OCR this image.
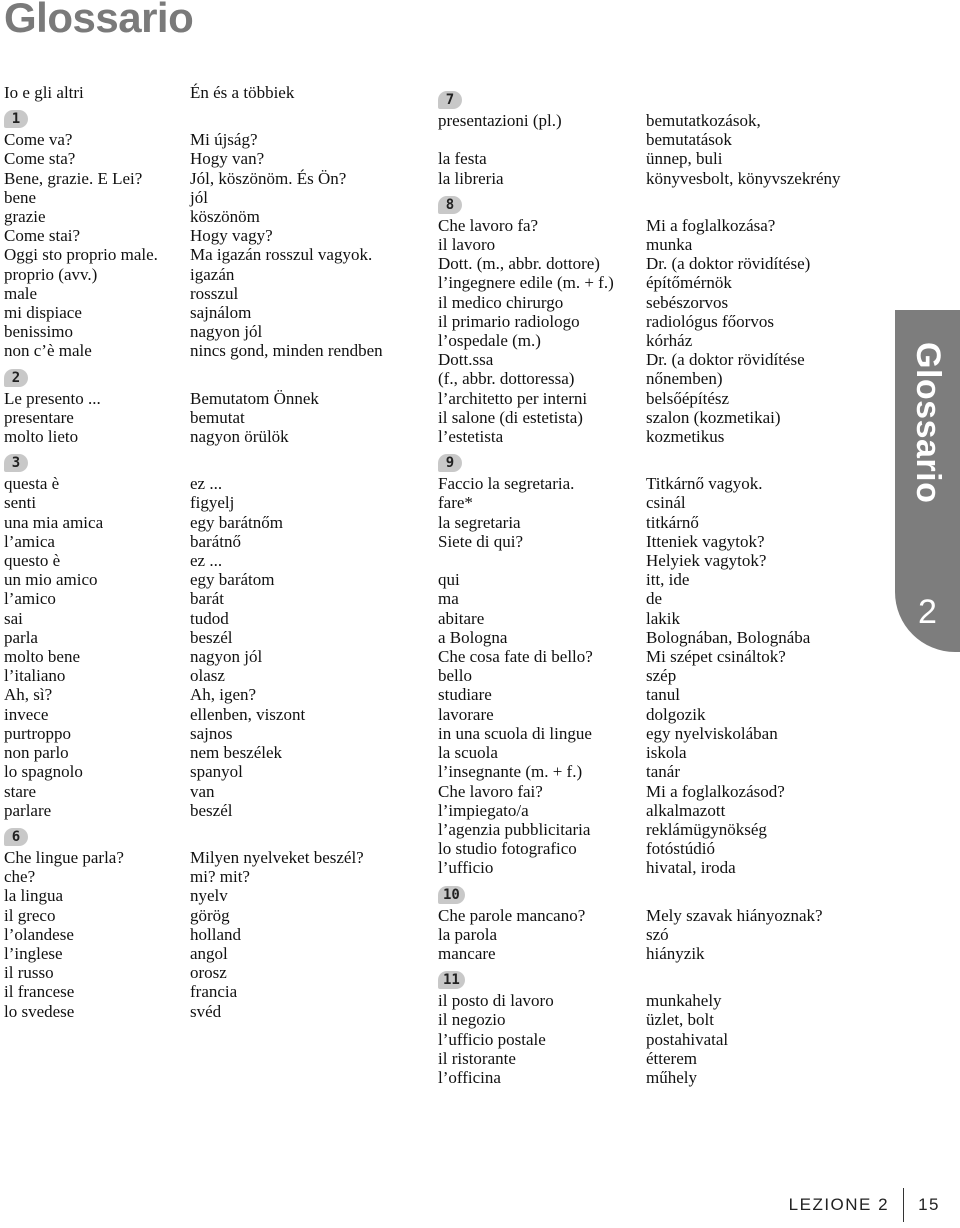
Glossario
Io e gli altri	Én és a többiek
1
Come va?	Mi újság?
Come sta?	Hogy van?
Bene, grazie. E Lei?	Jól, köszönöm. És Ön?
bene	jól
grazie	köszönöm
Come stai?	Hogy vagy?
Oggi sto proprio male.	Ma igazán rosszul vagyok.
proprio (avv.)	igazán
male	rosszul
mi dispiace	sajnálom
benissimo	nagyon jól
non c’è male	nincs gond, minden rendben
2
Le presento ...	Bemutatom Önnek
presentare	bemutat
molto lieto	nagyon örülök
3
questa è	ez ...
senti	figyelj
una mia amica	egy barátnőm
l’amica	barátnő
questo è	ez ...
un mio amico	egy barátom
l’amico	barát
sai	tudod
parla	beszél
molto bene	nagyon jól
l’italiano	olasz
Ah, sì?	Ah, igen?
invece	ellenben, viszont
purtroppo	sajnos
non parlo	nem beszélek
lo spagnolo	spanyol
stare	van
parlare	beszél
6
Che lingue parla?	Milyen nyelveket beszél?
che?	mi? mit?
la lingua	nyelv
il greco	görög
l’olandese	holland
l’inglese	angol
il russo	orosz
il francese	francia
lo svedese	svéd
7
presentazioni (pl.)	bemutatkozások,
bemutatások
la festa	ünnep, buli
la libreria	könyvesbolt, könyvszekrény
8
Che lavoro fa?	Mi a foglalkozása?
il lavoro	munka
Dott. (m., abbr. dottore)	Dr. (a doktor rövidítése)
l’ingegnere edile (m. + f.)	építőmérnök
il medico chirurgo	sebészorvos
il primario radiologo	radiológus főorvos
l’ospedale (m.)	kórház
Dott.ssa	Dr. (a doktor rövidítése
(f., abbr. dottoressa)	nőnemben)
l’architetto per interni	belsőépítész
il salone (di estetista)	szalon (kozmetikai)
l’estetista	kozmetikus
9
Faccio la segretaria.	Titkárnő vagyok.
fare*	csinál
la segretaria	titkárnő
Siete di qui?	Itteniek vagytok?
Helyiek vagytok?
qui	itt, ide
ma	de
abitare	lakik
a Bologna	Bolognában, Bolognába
Che cosa fate di bello?	Mi szépet csináltok?
bello	szép
studiare	tanul
lavorare	dolgozik
in una scuola di lingue	egy nyelviskolában
la scuola	iskola
l’insegnante (m. + f.)	tanár
Che lavoro fai?	Mi a foglalkozásod?
l’impiegato/a	alkalmazott
l’agenzia pubblicitaria	reklámügynökség
lo studio fotografico	fotóstúdió
l’ufficio	hivatal, iroda
10
Che parole mancano?	Mely szavak hiányoznak?
la parola	szó
mancare	hiányzik
11
il posto di lavoro	munkahely
il negozio	üzlet, bolt
l’ufficio postale	postahivatal
il ristorante	étterem
l’officina	műhely
Glossario
2
LEZIONE 2 15
